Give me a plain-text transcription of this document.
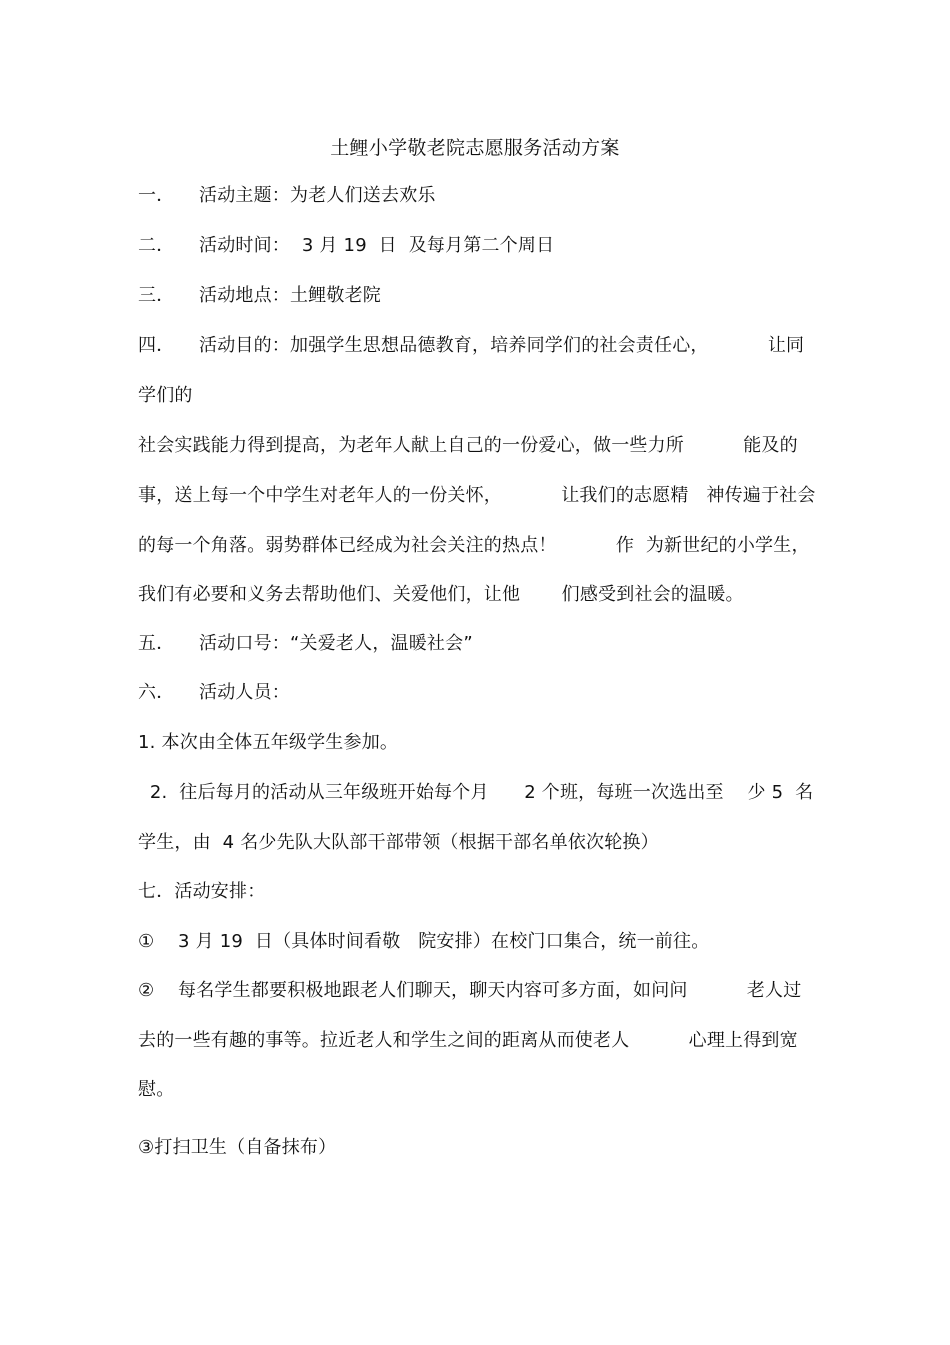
土鲤小学敬老院志愿服务活动方案
一． 活动主题：为老人们送去欢乐
二． 活动时间：  3 月 19  日  及每月第二个周日
三． 活动地点：土鲤敬老院
四． 活动目的：加强学生思想品德教育，培养同学们的社会责任心，          让同
学们的
社会实践能力得到提高，为老年人献上自己的一份爱心，做一些力所          能及的
事，送上每一个中学生对老年人的一份关怀，          让我们的志愿精   神传遍于社会
的每一个角落。弱势群体已经成为社会关注的热点！          作  为新世纪的小学生，
我们有必要和义务去帮助他们、关爱他们，让他       们感受到社会的温暖。
五． 活动口号：“关爱老人，温暖社会”
六． 活动人员：
1. 本次由全体五年级学生参加。
2.  往后每月的活动从三年级班开始每个月      2 个班，每班一次选出至    少 5  名
学生，由  4 名少先队大队部干部带领（根据干部名单依次轮换）
七．活动安排：
①    3 月 19  日（具体时间看敬   院安排）在校门口集合，统一前往。
②    每名学生都要积极地跟老人们聊天，聊天内容可多方面，如问问          老人过
去的一些有趣的事等。拉近老人和学生之间的距离从而使老人          心理上得到宽
慰。
③打扫卫生（自备抹布）
